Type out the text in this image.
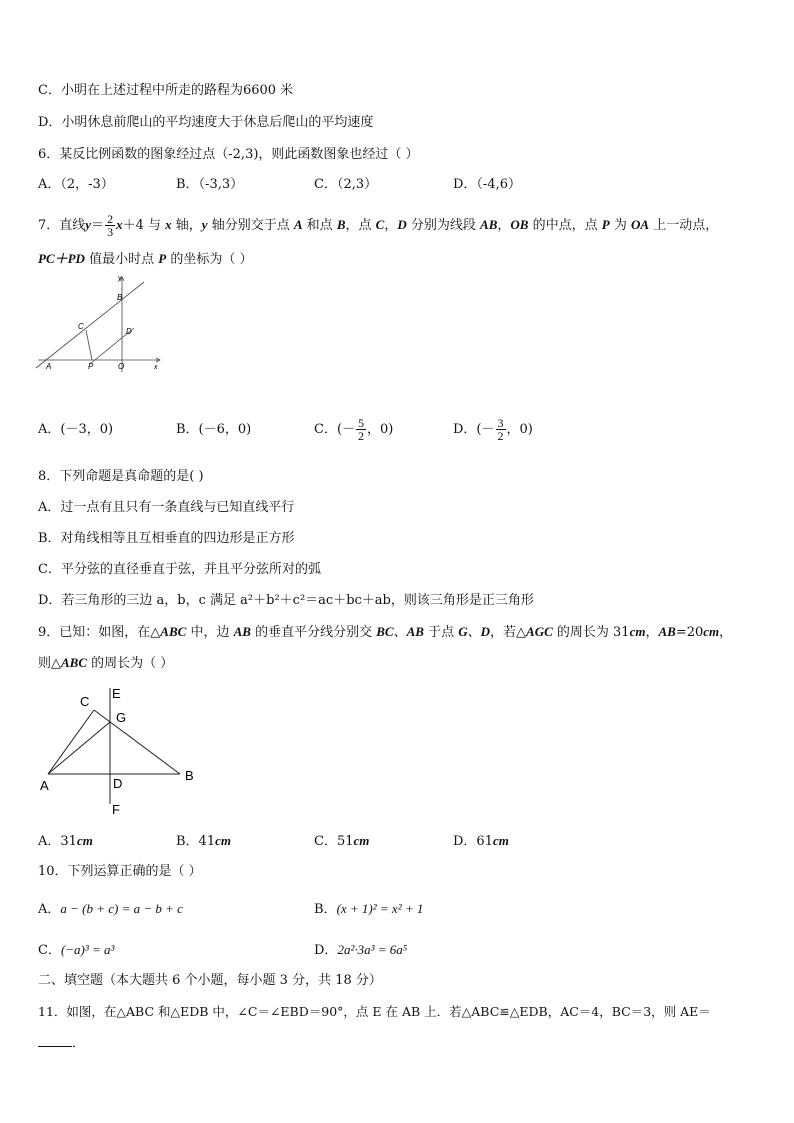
C．小明在上述过程中所走的路程为6600 米
D．小明休息前爬山的平均速度大于休息后爬山的平均速度
6．某反比例函数的图象经过点（-2,3)，则此函数图象也经过（ ）
A．（2，-3）	B．（-3,3）	C．（2,3）	D．（-4,6）
7．直线$y= \frac{2}{3} x+4$ 与 x 轴，y 轴分别交于点 A 和点 B，点 C，D 分别为线段 AB，OB 的中点，点 P 为 OA 上一动点，
PC＋PD 值最小时点 P 的坐标为（ ）
y
B
C
D
A	P	O	x
A．(－3，0)	B．(－6，0)	C．(－ $\frac{5}{2}$ ，0)	D．(－ $\frac{3}{2}$ ，0)
8．下列命题是真命题的是( )
A．过一点有且只有一条直线与已知直线平行
B．对角线相等且互相垂直的四边形是正方形
C．平分弦的直径垂直于弦，并且平分弦所对的弧
D．若三角形的三边 a，b，c 满足 a²＋b²＋c²＝ac＋bc＋ab，则该三角形是正三角形
9．已知：如图，在△ABC 中，边 AB 的垂直平分线分别交 BC、AB 于点 G、D，若△AGC 的周长为 31cm，AB=20cm，
则△ABC 的周长为（ ）
E
C
G
A	D
B
F
A．31cm	B．41cm	C．51cm	D．61cm
10．下列运算正确的是（ ）
A．a − (b + c) = a − b + c	B．(x + 1)² = x² + 1
C．(−a)³ = a³	D．2a²·3a³ = 6a⁵
二、填空题（本大题共 6 个小题，每小题 3 分，共 18 分）
11．如图，在△ABC 和△EDB 中，∠C＝∠EBD＝90°，点 E 在 AB 上．若△ABC≌△EDB，AC＝4，BC＝3，则 AE＝
．
